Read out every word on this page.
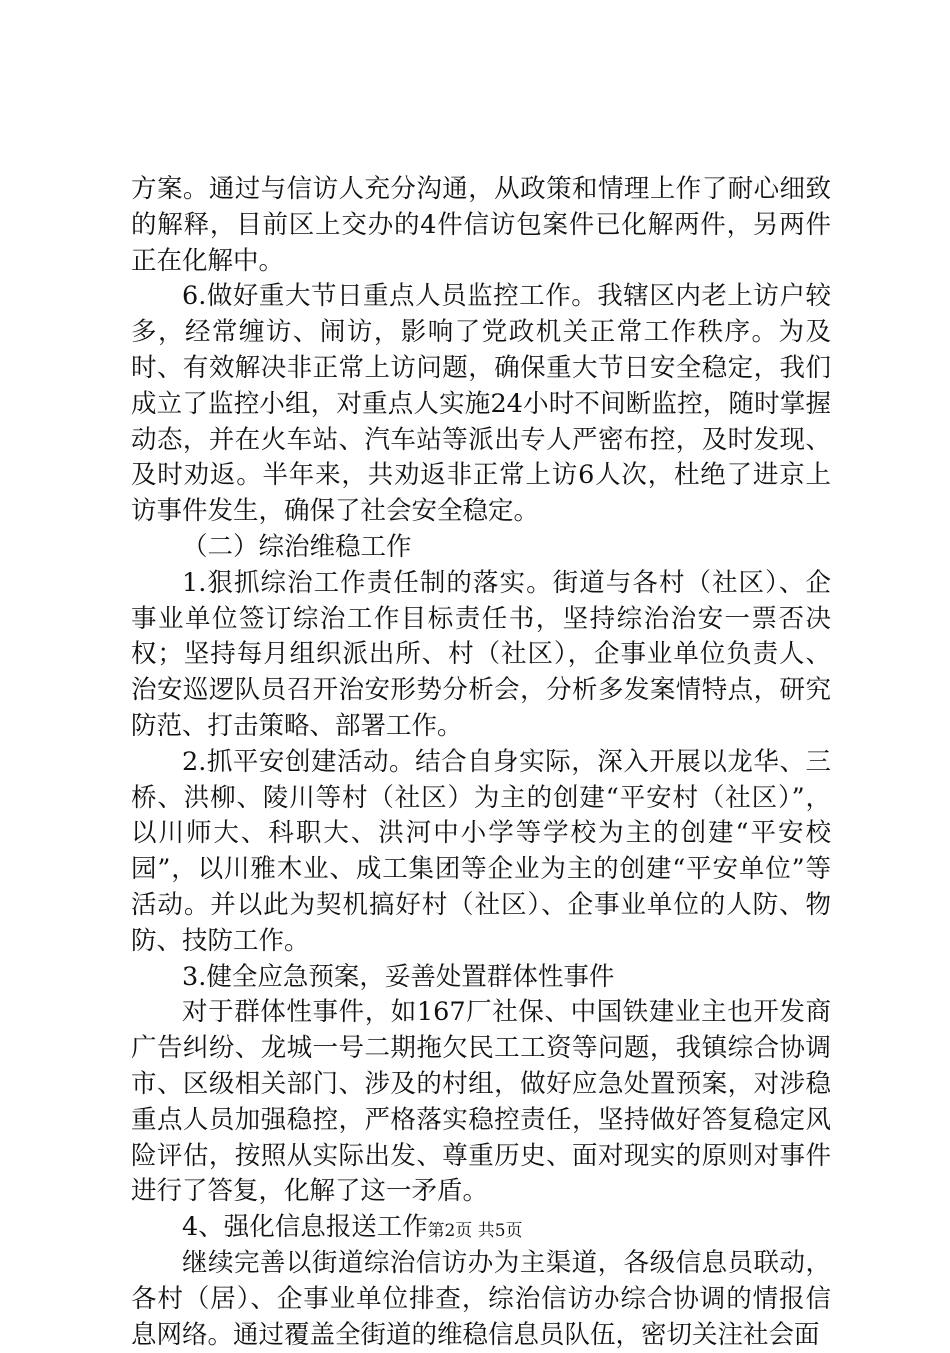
方案。通过与信访人充分沟通，从政策和情理上作了耐心细致的解释，目前区上交办的4件信访包案件已化解两件，另两件正在化解中。

6.做好重大节日重点人员监控工作。我辖区内老上访户较多，经常缠访、闹访，影响了党政机关正常工作秩序。为及时、有效解决非正常上访问题，确保重大节日安全稳定，我们成立了监控小组，对重点人实施24小时不间断监控，随时掌握动态，并在火车站、汽车站等派出专人严密布控，及时发现、及时劝返。半年来，共劝返非正常上访6人次，杜绝了进京上访事件发生，确保了社会安全稳定。

（二）综治维稳工作

1.狠抓综治工作责任制的落实。街道与各村（社区）、企事业单位签订综治工作目标责任书，坚持综治治安一票否决权；坚持每月组织派出所、村（社区），企事业单位负责人、治安巡逻队员召开治安形势分析会，分析多发案情特点，研究防范、打击策略、部署工作。

2.抓平安创建活动。结合自身实际，深入开展以龙华、三桥、洪柳、陵川等村（社区）为主的创建“平安村（社区）”，以川师大、科职大、洪河中小学等学校为主的创建“平安校园”，以川雅木业、成工集团等企业为主的创建“平安单位”等活动。并以此为契机搞好村（社区）、企事业单位的人防、物防、技防工作。

3.健全应急预案，妥善处置群体性事件

对于群体性事件，如167厂社保、中国铁建业主也开发商广告纠纷、龙城一号二期拖欠民工工资等问题，我镇综合协调市、区级相关部门、涉及的村组，做好应急处置预案，对涉稳重点人员加强稳控，严格落实稳控责任，坚持做好答复稳定风险评估，按照从实际出发、尊重历史、面对现实的原则对事件进行了答复，化解了这一矛盾。

4、强化信息报送工作

继续完善以街道综治信访办为主渠道，各级信息员联动，各村（居）、企事业单位排查，综治信访办综合协调的情报信息网络。通过覆盖全街道的维稳信息员队伍，密切关注社会面

第2页 共5页
